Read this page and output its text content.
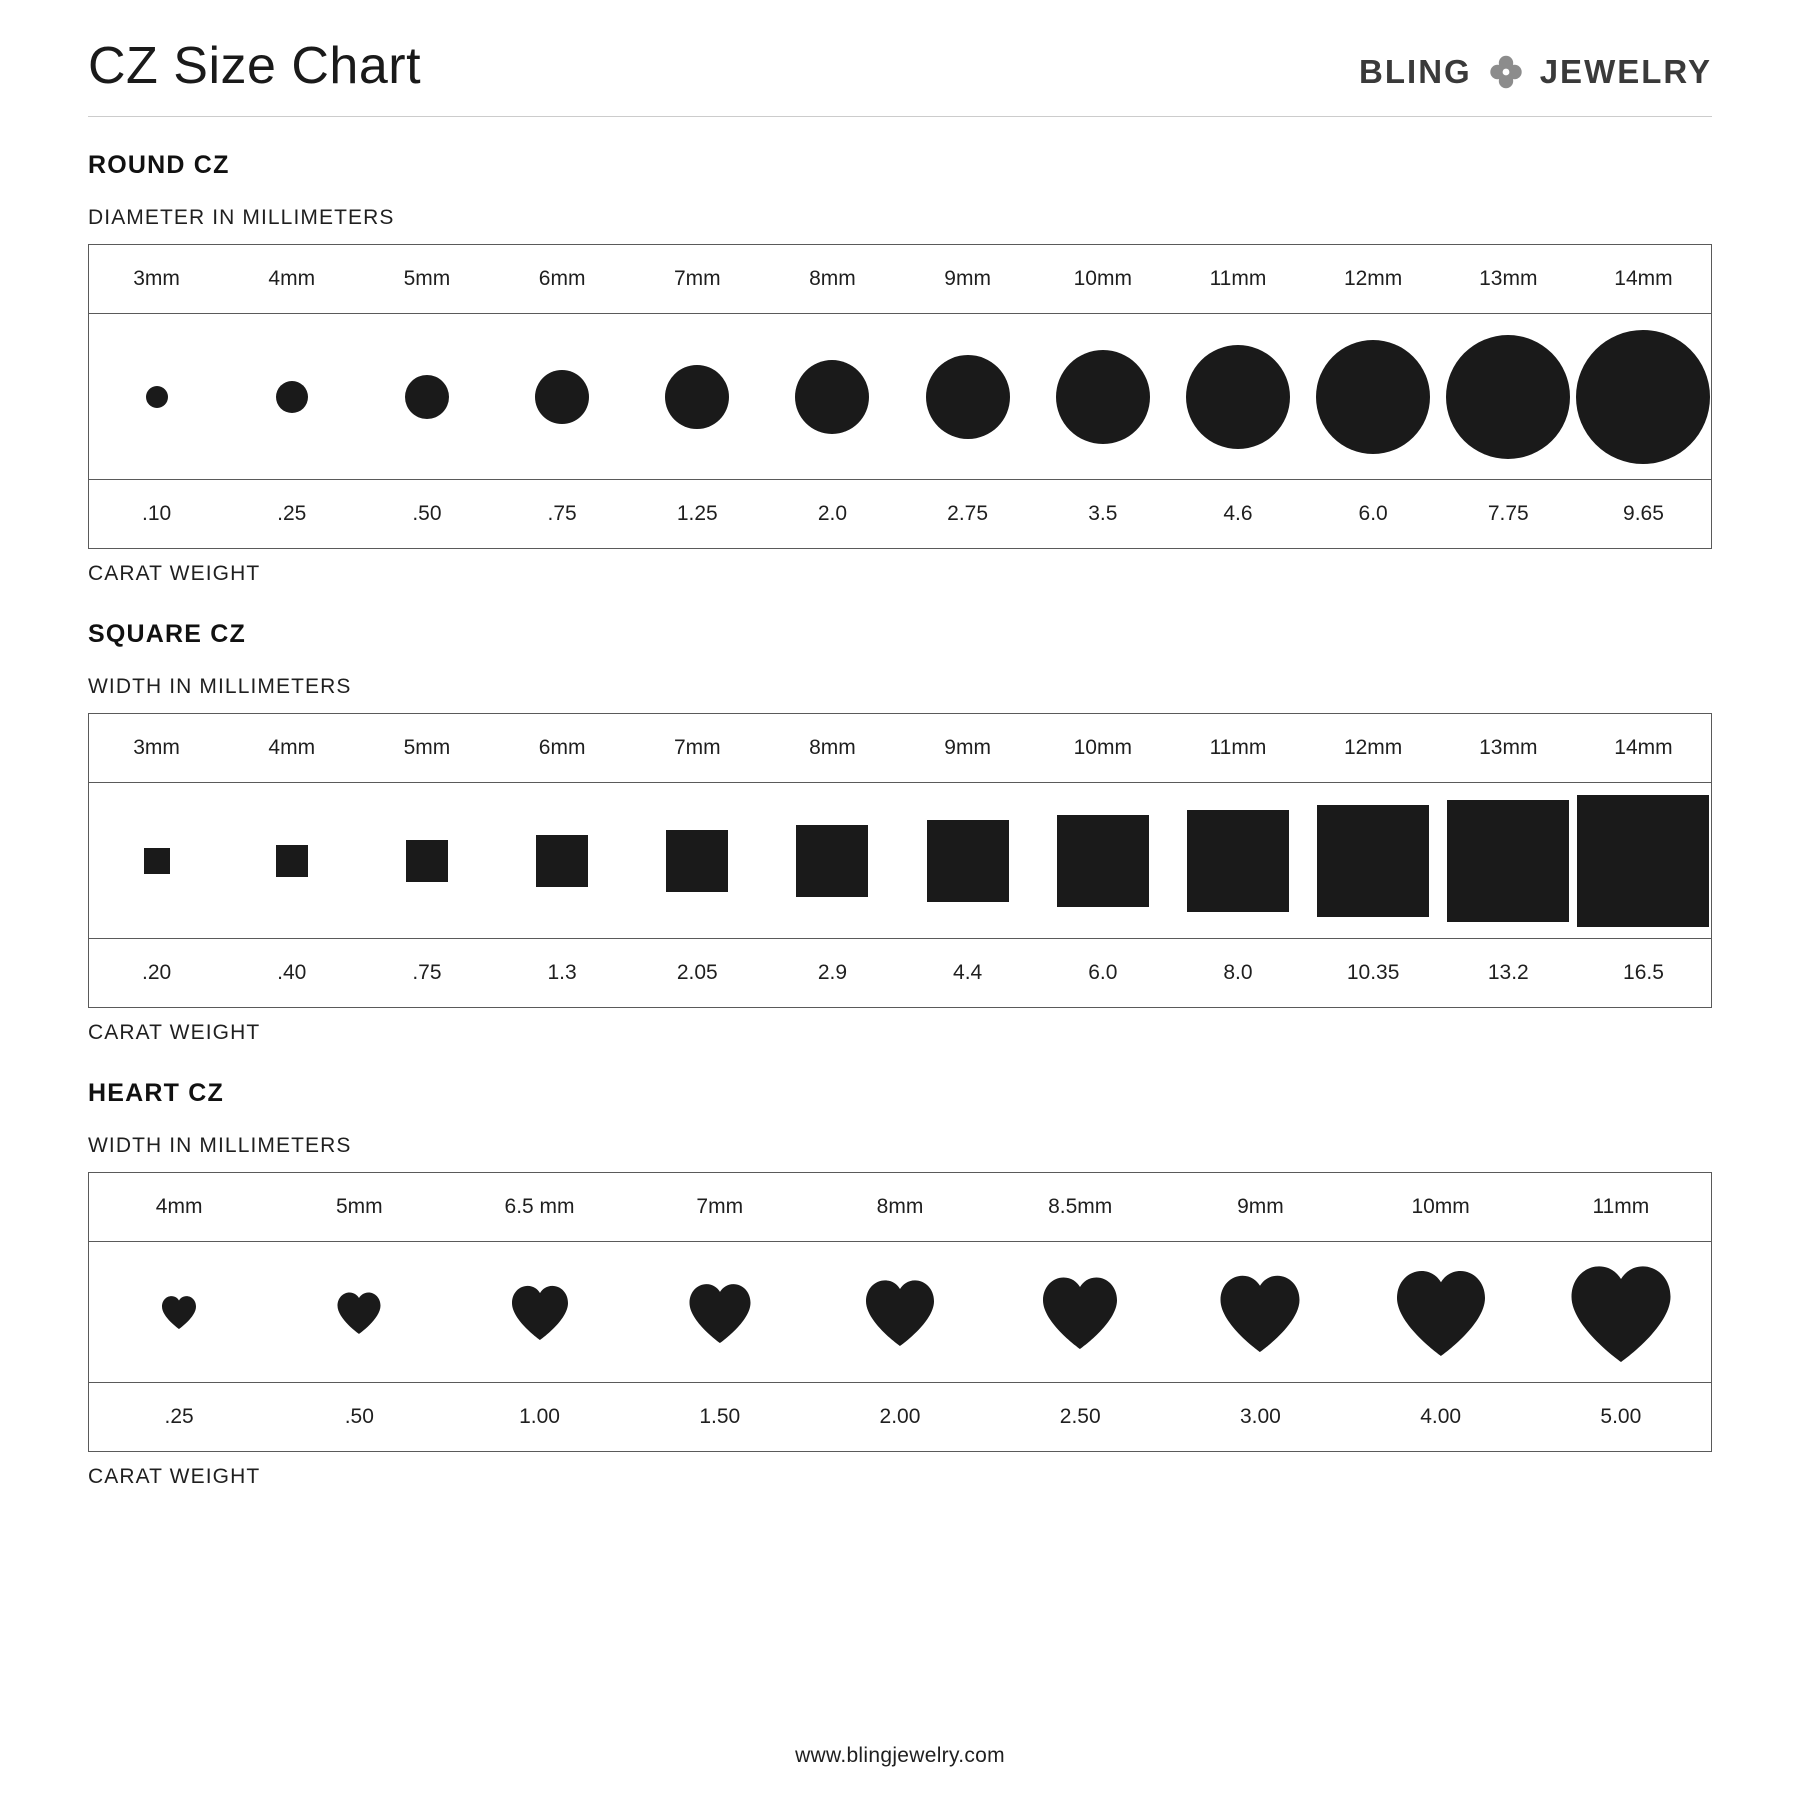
CZ Size Chart	BLING JEWELRY
ROUND CZ
DIAMETER IN MILLIMETERS
3mm	4mm	5mm	6mm	7mm	8mm	9mm	10mm	11mm	12mm	13mm	14mm
.10	.25	.50	.75	1.25	2.0	2.75	3.5	4.6	6.0	7.75	9.65
CARAT WEIGHT
SQUARE CZ
WIDTH IN MILLIMETERS
3mm	4mm	5mm	6mm	7mm	8mm	9mm	10mm	11mm	12mm	13mm	14mm
.20	.40	.75	1.3	2.05	2.9	4.4	6.0	8.0	10.35	13.2	16.5
CARAT WEIGHT
HEART CZ
WIDTH IN MILLIMETERS
4mm	5mm	6.5 mm	7mm	8mm	8.5mm	9mm	10mm	11mm
.25	.50	1.00	1.50	2.00	2.50	3.00	4.00	5.00
CARAT WEIGHT
www.blingjewelry.com
